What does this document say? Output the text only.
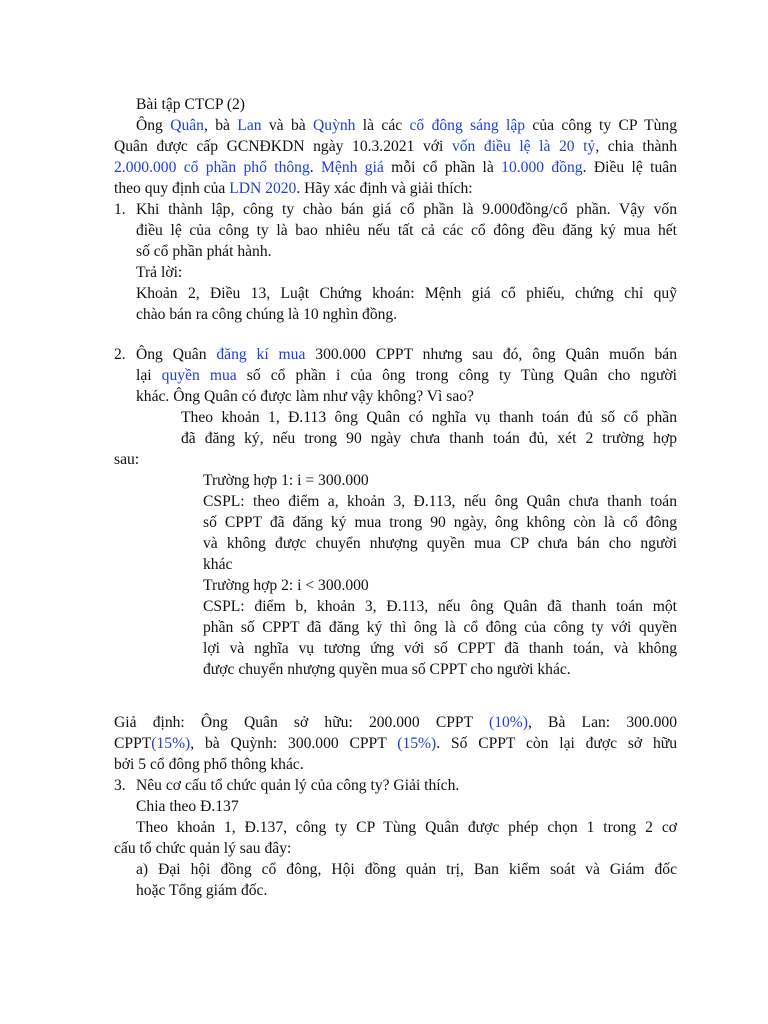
Bài tập CTCP (2)
Ông Quân, bà Lan và bà Quỳnh là các cổ đông sáng lập của công ty CP Tùng
Quân được cấp GCNĐKDN ngày 10.3.2021 với vốn điều lệ là 20 tỷ, chia thành
2.000.000 cổ phần phổ thông. Mệnh giá mỗi cổ phần là 10.000 đồng. Điều lệ tuân
theo quy định của LDN 2020. Hãy xác định và giải thích:
1. Khi thành lập, công ty chào bán giá cổ phần là 9.000đồng/cổ phần. Vậy vốn
điều lệ của công ty là bao nhiêu nếu tất cả các cổ đông đều đăng ký mua hết
số cổ phần phát hành.
Trả lời:
Khoản 2, Điều 13, Luật Chứng khoán: Mệnh giá cổ phiếu, chứng chỉ quỹ
chào bán ra công chúng là 10 nghìn đồng.
2. Ông Quân đăng kí mua 300.000 CPPT nhưng sau đó, ông Quân muốn bán
lại quyền mua số cổ phần i của ông trong công ty Tùng Quân cho người
khác. Ông Quân có được làm như vậy không? Vì sao?
Theo khoản 1, Đ.113 ông Quân có nghĩa vụ thanh toán đủ số cổ phần
đã đăng ký, nếu trong 90 ngày chưa thanh toán đủ, xét 2 trường hợp
sau:
Trường hợp 1: i = 300.000
CSPL: theo điểm a, khoản 3, Đ.113, nếu ông Quân chưa thanh toán
số CPPT đã đăng ký mua trong 90 ngày, ông không còn là cổ đông
và không được chuyển nhượng quyền mua CP chưa bán cho người
khác
Trường hợp 2: i < 300.000
CSPL: điểm b, khoản 3, Đ.113, nếu ông Quân đã thanh toán một
phần số CPPT đã đăng ký thì ông là cổ đông của công ty với quyền
lợi và nghĩa vụ tương ứng với số CPPT đã thanh toán, và không
được chuyển nhượng quyền mua số CPPT cho người khác.
Giả định: Ông Quân sở hữu: 200.000 CPPT (10%), Bà Lan: 300.000
CPPT(15%), bà Quỳnh: 300.000 CPPT (15%). Số CPPT còn lại được sở hữu
bởi 5 cổ đông phổ thông khác.
3. Nêu cơ cấu tổ chức quản lý của công ty? Giải thích.
Chia theo Đ.137
Theo khoản 1, Đ.137, công ty CP Tùng Quân được phép chọn 1 trong 2 cơ
cấu tổ chức quản lý sau đây:
a) Đại hội đồng cổ đông, Hội đồng quản trị, Ban kiểm soát và Giám đốc
hoặc Tổng giám đốc.
